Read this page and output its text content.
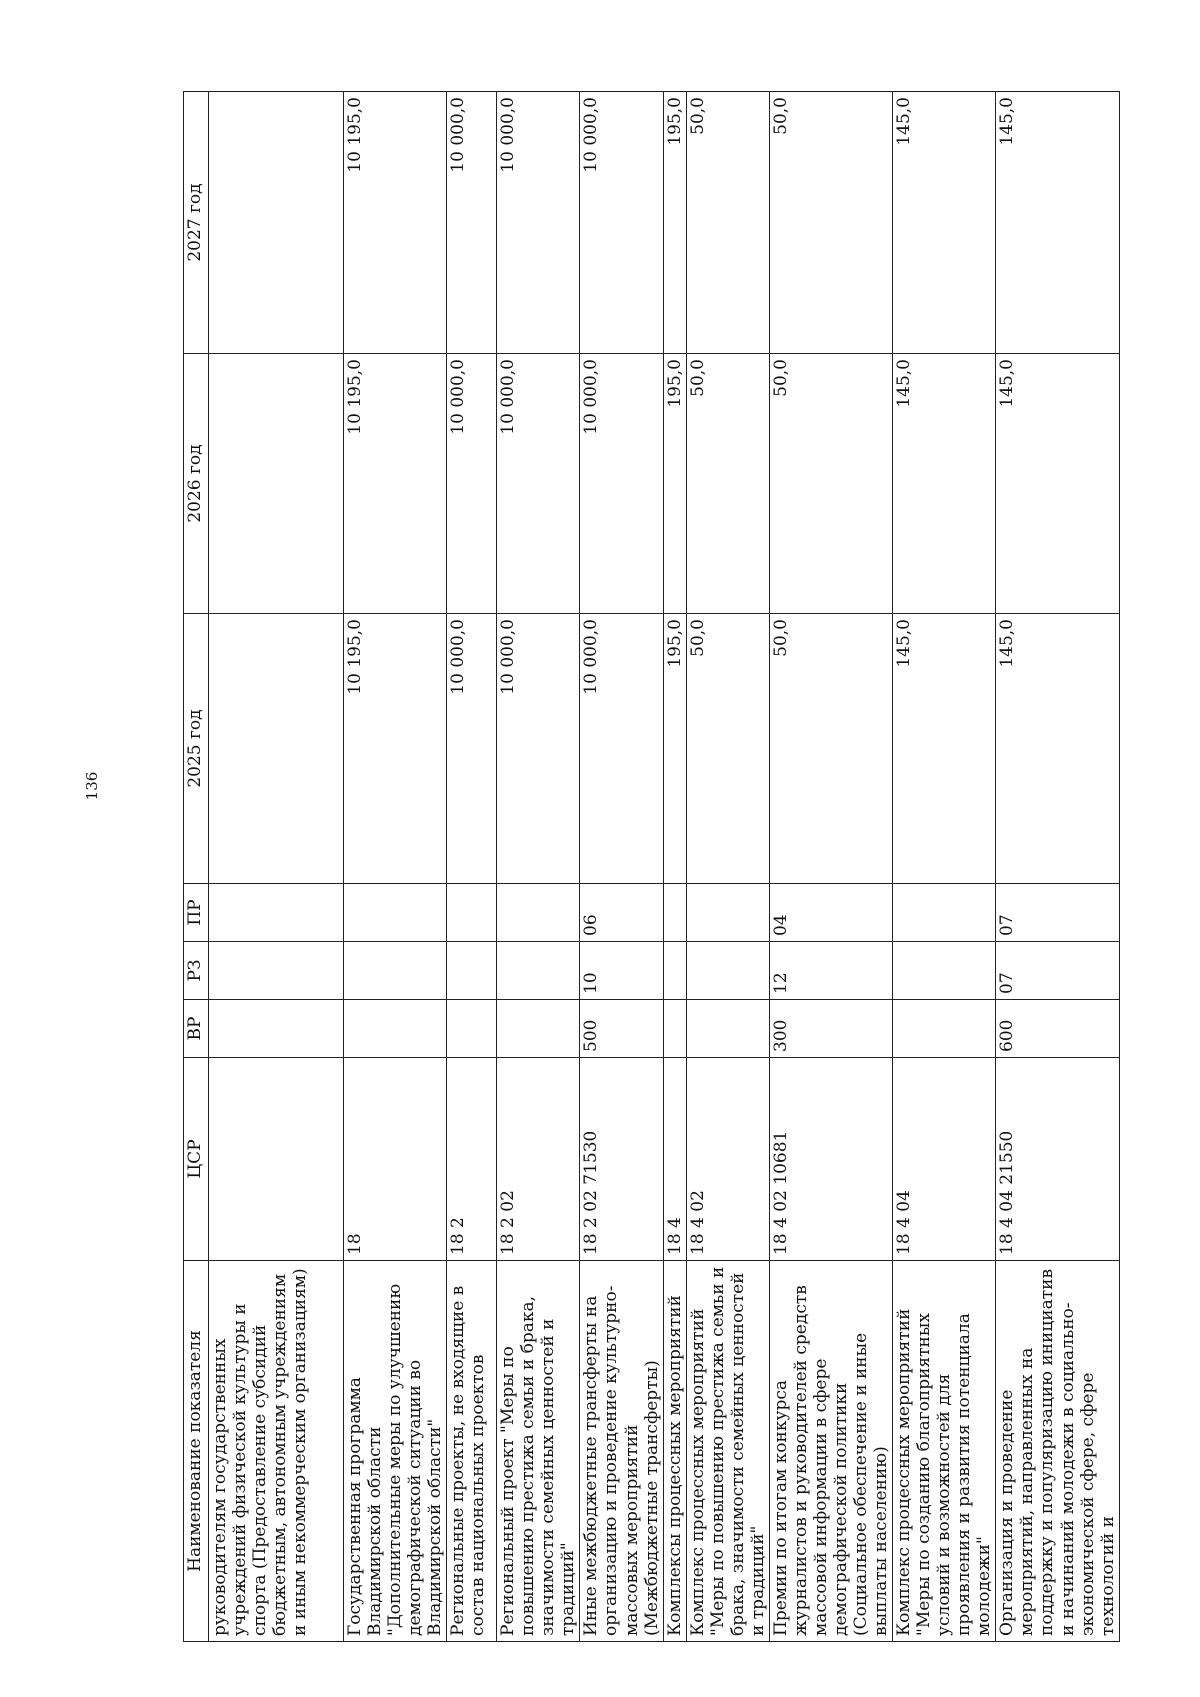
136
Наименование показателя	ЦСР	ВР	РЗ	ПР	2025 год	2026 год	2027 год
руководителям государственных учреждений физической культуры и спорта (Предоставление субсидий бюджетным, автономным учреждениям и иным некоммерческим организациям)							
Государственная программа Владимирской области "Дополнительные меры по улучшению демографической ситуации во Владимирской области"	18				10 195,0	10 195,0	10 195,0
Региональные проекты, не входящие в состав национальных проектов	18 2				10 000,0	10 000,0	10 000,0
Региональный проект "Меры по повышению престижа семьи и брака, значимости семейных ценностей и традиций"	18 2 02				10 000,0	10 000,0	10 000,0
Иные межбюджетные трансферты на организацию и проведение культурно-массовых мероприятий (Межбюджетные трансферты)	18 2 02 71530	500	10	06	10 000,0	10 000,0	10 000,0
Комплексы процессных мероприятий	18 4				195,0	195,0	195,0
Комплекс процессных мероприятий "Меры по повышению престижа семьи и брака, значимости семейных ценностей и традиций"	18 4 02				50,0	50,0	50,0
Премии по итогам конкурса журналистов и руководителей средств массовой информации в сфере демографической политики (Социальное обеспечение и иные выплаты населению)	18 4 02 10681	300	12	04	50,0	50,0	50,0
Комплекс процессных мероприятий "Меры по созданию благоприятных условий и возможностей для проявления и развития потенциала молодежи"	18 4 04				145,0	145,0	145,0
Организация и проведение мероприятий, направленных на поддержку и популяризацию инициатив и начинаний молодежи в социально-экономической сфере, сфере технологий и	18 4 04 21550	600	07	07	145,0	145,0	145,0
